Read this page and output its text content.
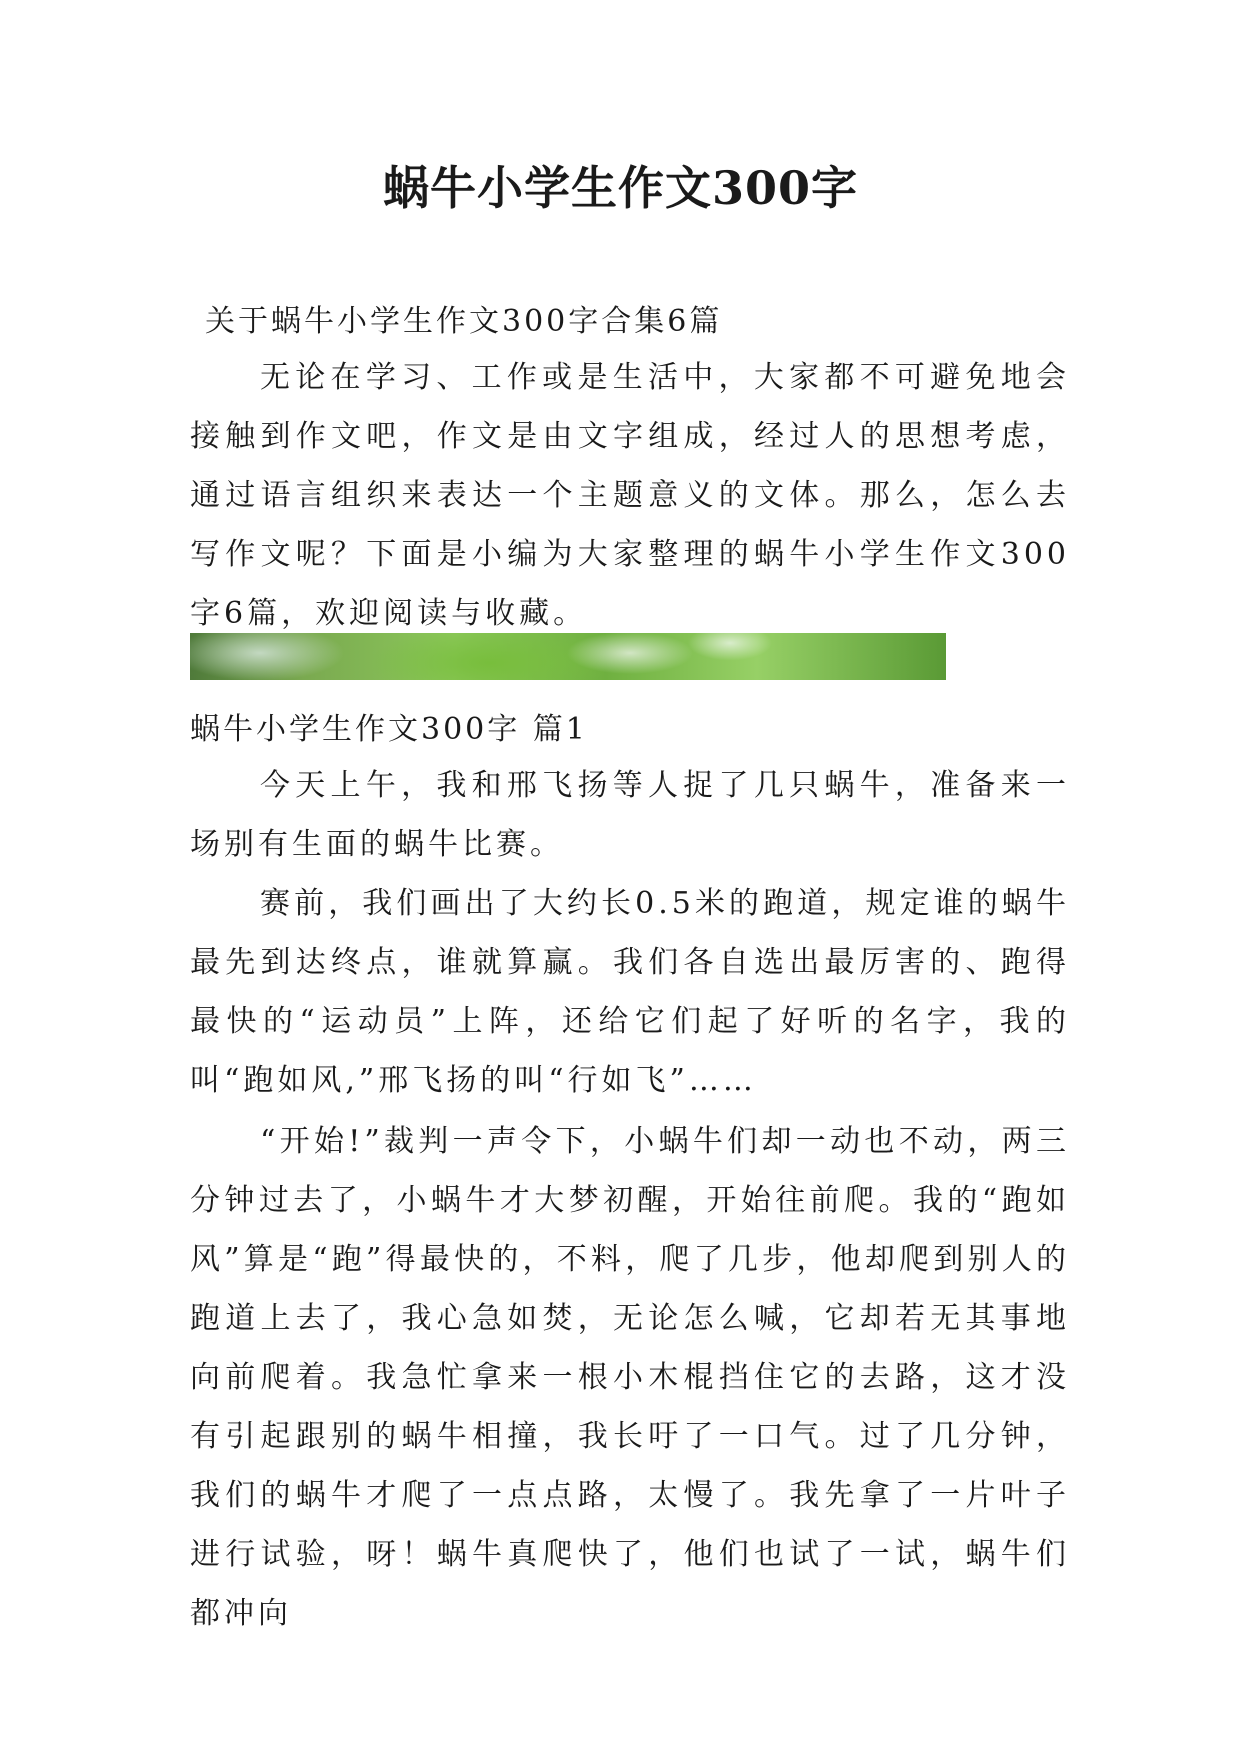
蜗牛小学生作文300字

关于蜗牛小学生作文300字合集6篇

无论在学习、工作或是生活中，大家都不可避免地会接触到作文吧，作文是由文字组成，经过人的思想考虑，通过语言组织来表达一个主题意义的文体。那么，怎么去写作文呢？下面是小编为大家整理的蜗牛小学生作文300字6篇，欢迎阅读与收藏。

蜗牛小学生作文300字 篇1

今天上午，我和邢飞扬等人捉了几只蜗牛，准备来一场别有生面的蜗牛比赛。

赛前，我们画出了大约长0.5米的跑道，规定谁的蜗牛最先到达终点，谁就算赢。我们各自选出最厉害的、跑得最快的“运动员”上阵，还给它们起了好听的名字，我的叫“跑如风,”邢飞扬的叫“行如飞”……

“开始!”裁判一声令下，小蜗牛们却一动也不动，两三分钟过去了，小蜗牛才大梦初醒，开始往前爬。我的“跑如风”算是“跑”得最快的，不料，爬了几步，他却爬到别人的跑道上去了，我心急如焚，无论怎么喊，它却若无其事地向前爬着。我急忙拿来一根小木棍挡住它的去路，这才没有引起跟别的蜗牛相撞，我长吁了一口气。过了几分钟，我们的蜗牛才爬了一点点路，太慢了。我先拿了一片叶子进行试验，呀！蜗牛真爬快了，他们也试了一试，蜗牛们都冲向
